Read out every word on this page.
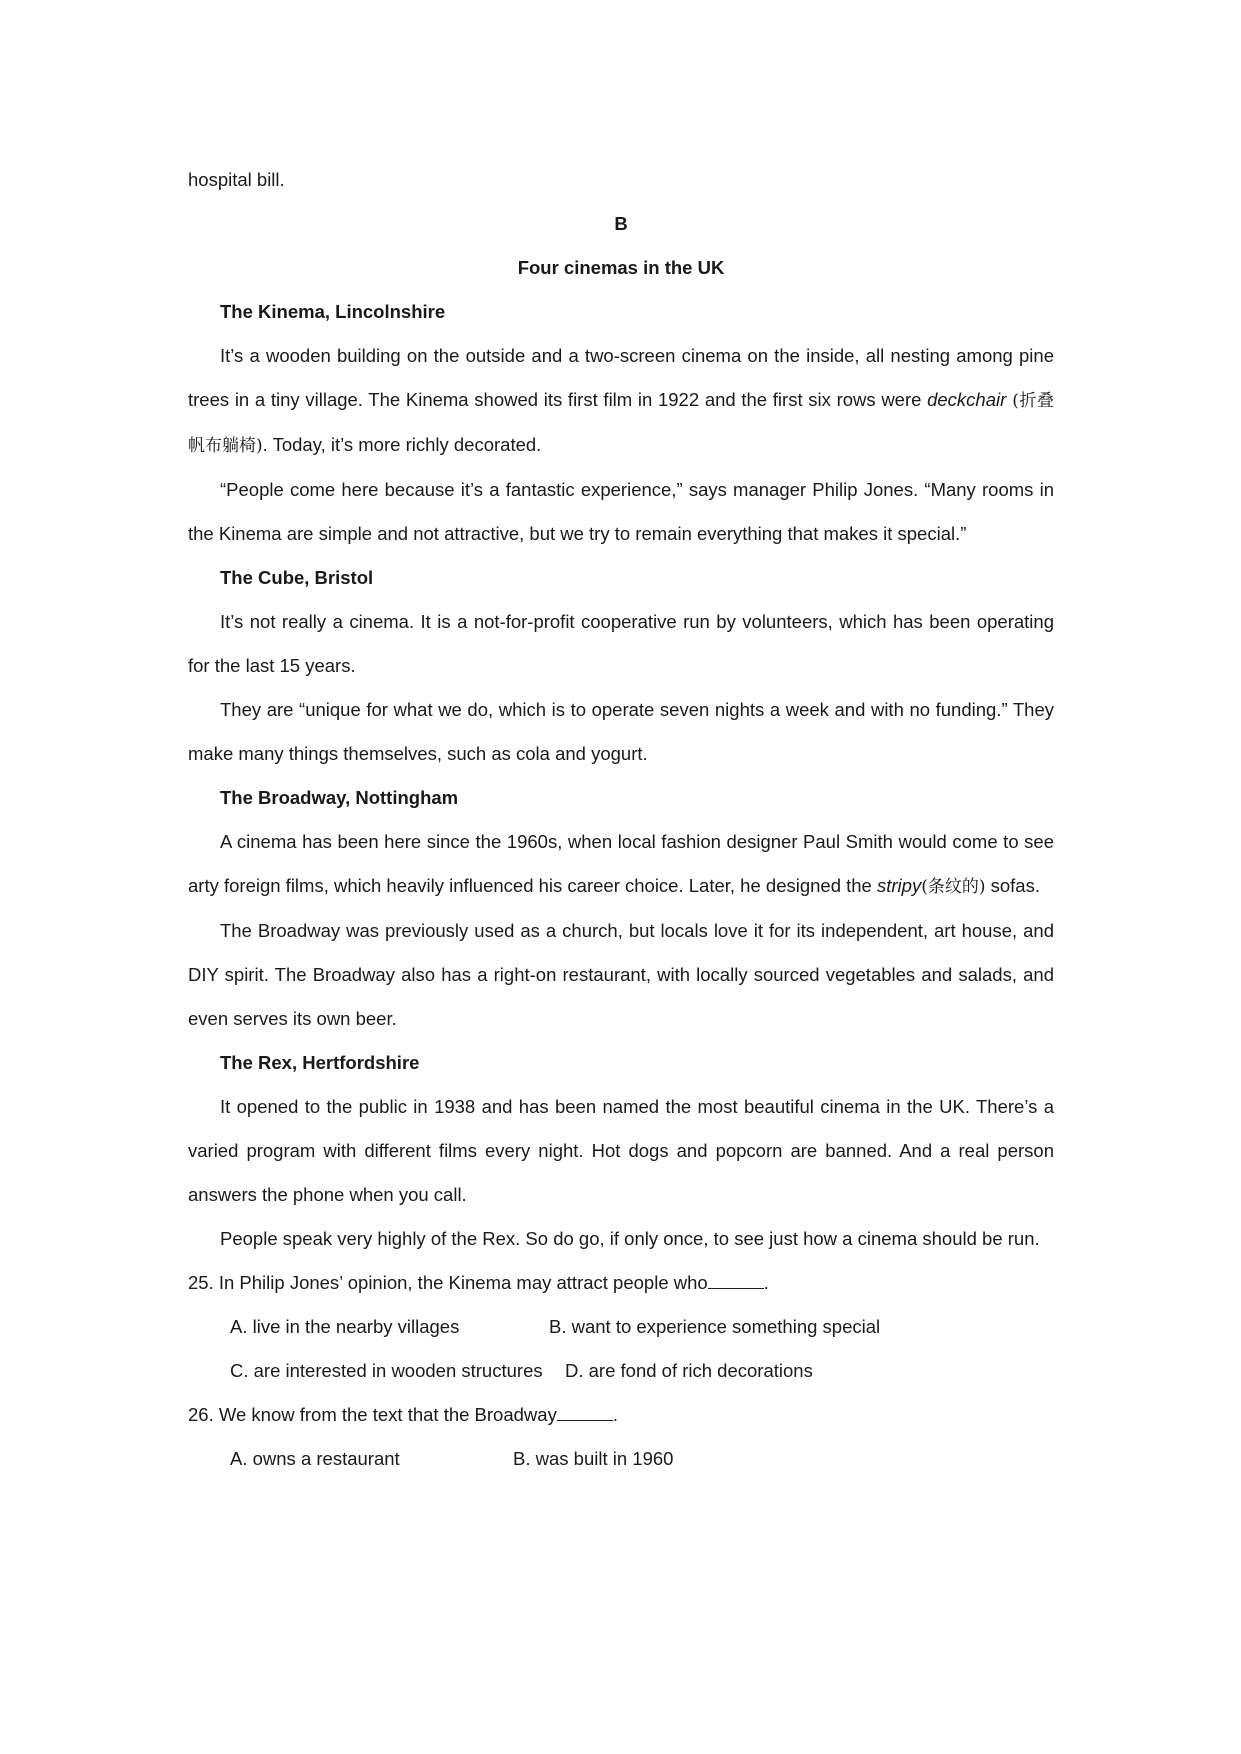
hospital bill.
B
Four cinemas in the UK
The Kinema, Lincolnshire
It’s a wooden building on the outside and a two-screen cinema on the inside, all nesting among pine trees in a tiny village. The Kinema showed its first film in 1922 and the first six rows were deckchair (折叠帆布躺椅). Today, it’s more richly decorated.
“People come here because it’s a fantastic experience,” says manager Philip Jones. “Many rooms in the Kinema are simple and not attractive, but we try to remain everything that makes it special.”
The Cube, Bristol
It’s not really a cinema. It is a not-for-profit cooperative run by volunteers, which has been operating for the last 15 years.
They are “unique for what we do, which is to operate seven nights a week and with no funding.” They make many things themselves, such as cola and yogurt.
The Broadway, Nottingham
A cinema has been here since the 1960s, when local fashion designer Paul Smith would come to see arty foreign films, which heavily influenced his career choice. Later, he designed the stripy(条纹的) sofas.
The Broadway was previously used as a church, but locals love it for its independent, art house, and DIY spirit. The Broadway also has a right-on restaurant, with locally sourced vegetables and salads, and even serves its own beer.
The Rex, Hertfordshire
It opened to the public in 1938 and has been named the most beautiful cinema in the UK. There’s a varied program with different films every night. Hot dogs and popcorn are banned. And a real person answers the phone when you call.
People speak very highly of the Rex. So do go, if only once, to see just how a cinema should be run.
25. In Philip Jones’ opinion, the Kinema may attract people who	.
A. live in the nearby villages	B. want to experience something special
C. are interested in wooden structures	D. are fond of rich decorations
26. We know from the text that the Broadway	.
A. owns a restaurant	B. was built in 1960
